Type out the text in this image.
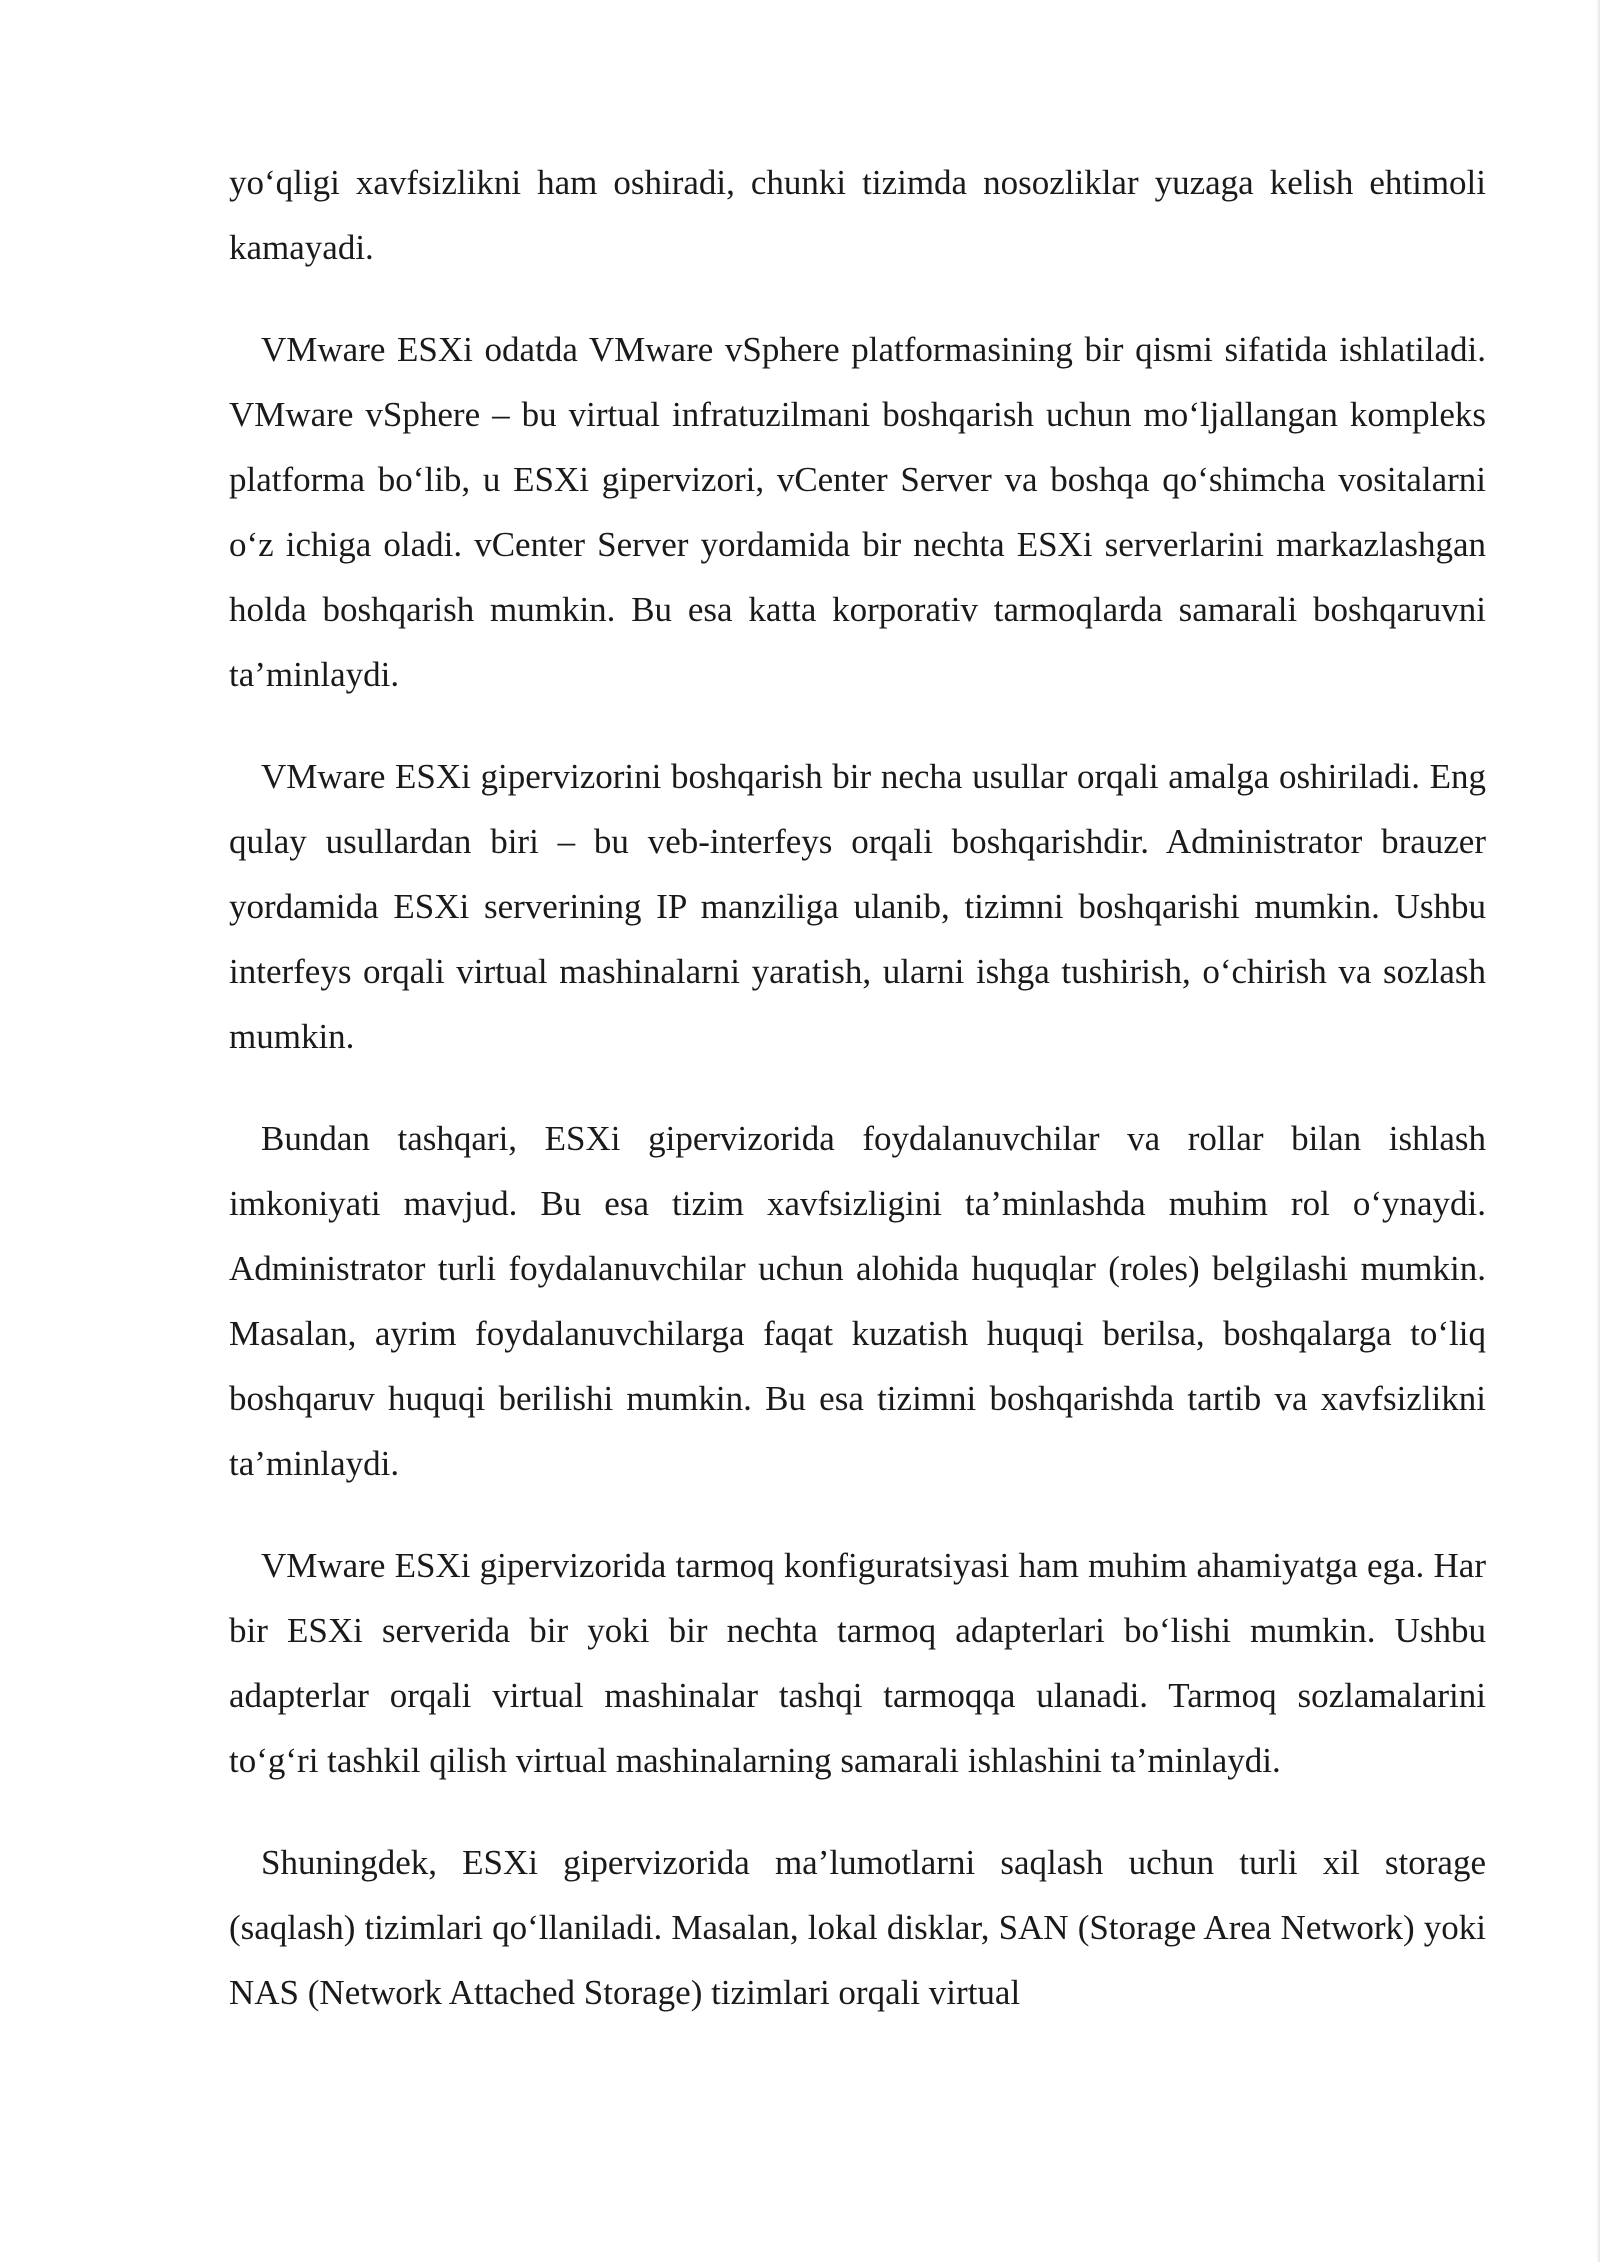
yo‘qligi xavfsizlikni ham oshiradi, chunki tizimda nosozliklar yuzaga kelish ehtimoli kamayadi.

VMware ESXi odatda VMware vSphere platformasining bir qismi sifatida ishlatiladi. VMware vSphere – bu virtual infratuzilmani boshqarish uchun mo‘ljallangan kompleks platforma bo‘lib, u ESXi gipervizori, vCenter Server va boshqa qo‘shimcha vositalarni o‘z ichiga oladi. vCenter Server yordamida bir nechta ESXi serverlarini markazlashgan holda boshqarish mumkin. Bu esa katta korporativ tarmoqlarda samarali boshqaruvni ta’minlaydi.

VMware ESXi gipervizorini boshqarish bir necha usullar orqali amalga oshiriladi. Eng qulay usullardan biri – bu veb-interfeys orqali boshqarishdir. Administrator brauzer yordamida ESXi serverining IP manziliga ulanib, tizimni boshqarishi mumkin. Ushbu interfeys orqali virtual mashinalarni yaratish, ularni ishga tushirish, o‘chirish va sozlash mumkin.

Bundan tashqari, ESXi gipervizorida foydalanuvchilar va rollar bilan ishlash imkoniyati mavjud. Bu esa tizim xavfsizligini ta’minlashda muhim rol o‘ynaydi. Administrator turli foydalanuvchilar uchun alohida huquqlar (roles) belgilashi mumkin. Masalan, ayrim foydalanuvchilarga faqat kuzatish huquqi berilsa, boshqalarga to‘liq boshqaruv huquqi berilishi mumkin. Bu esa tizimni boshqarishda tartib va xavfsizlikni ta’minlaydi.

VMware ESXi gipervizorida tarmoq konfiguratsiyasi ham muhim ahamiyatga ega. Har bir ESXi serverida bir yoki bir nechta tarmoq adapterlari bo‘lishi mumkin. Ushbu adapterlar orqali virtual mashinalar tashqi tarmoqqa ulanadi. Tarmoq sozlamalarini to‘g‘ri tashkil qilish virtual mashinalarning samarali ishlashini ta’minlaydi.

Shuningdek, ESXi gipervizorida ma’lumotlarni saqlash uchun turli xil storage (saqlash) tizimlari qo‘llaniladi. Masalan, lokal disklar, SAN (Storage Area Network) yoki NAS (Network Attached Storage) tizimlari orqali virtual
